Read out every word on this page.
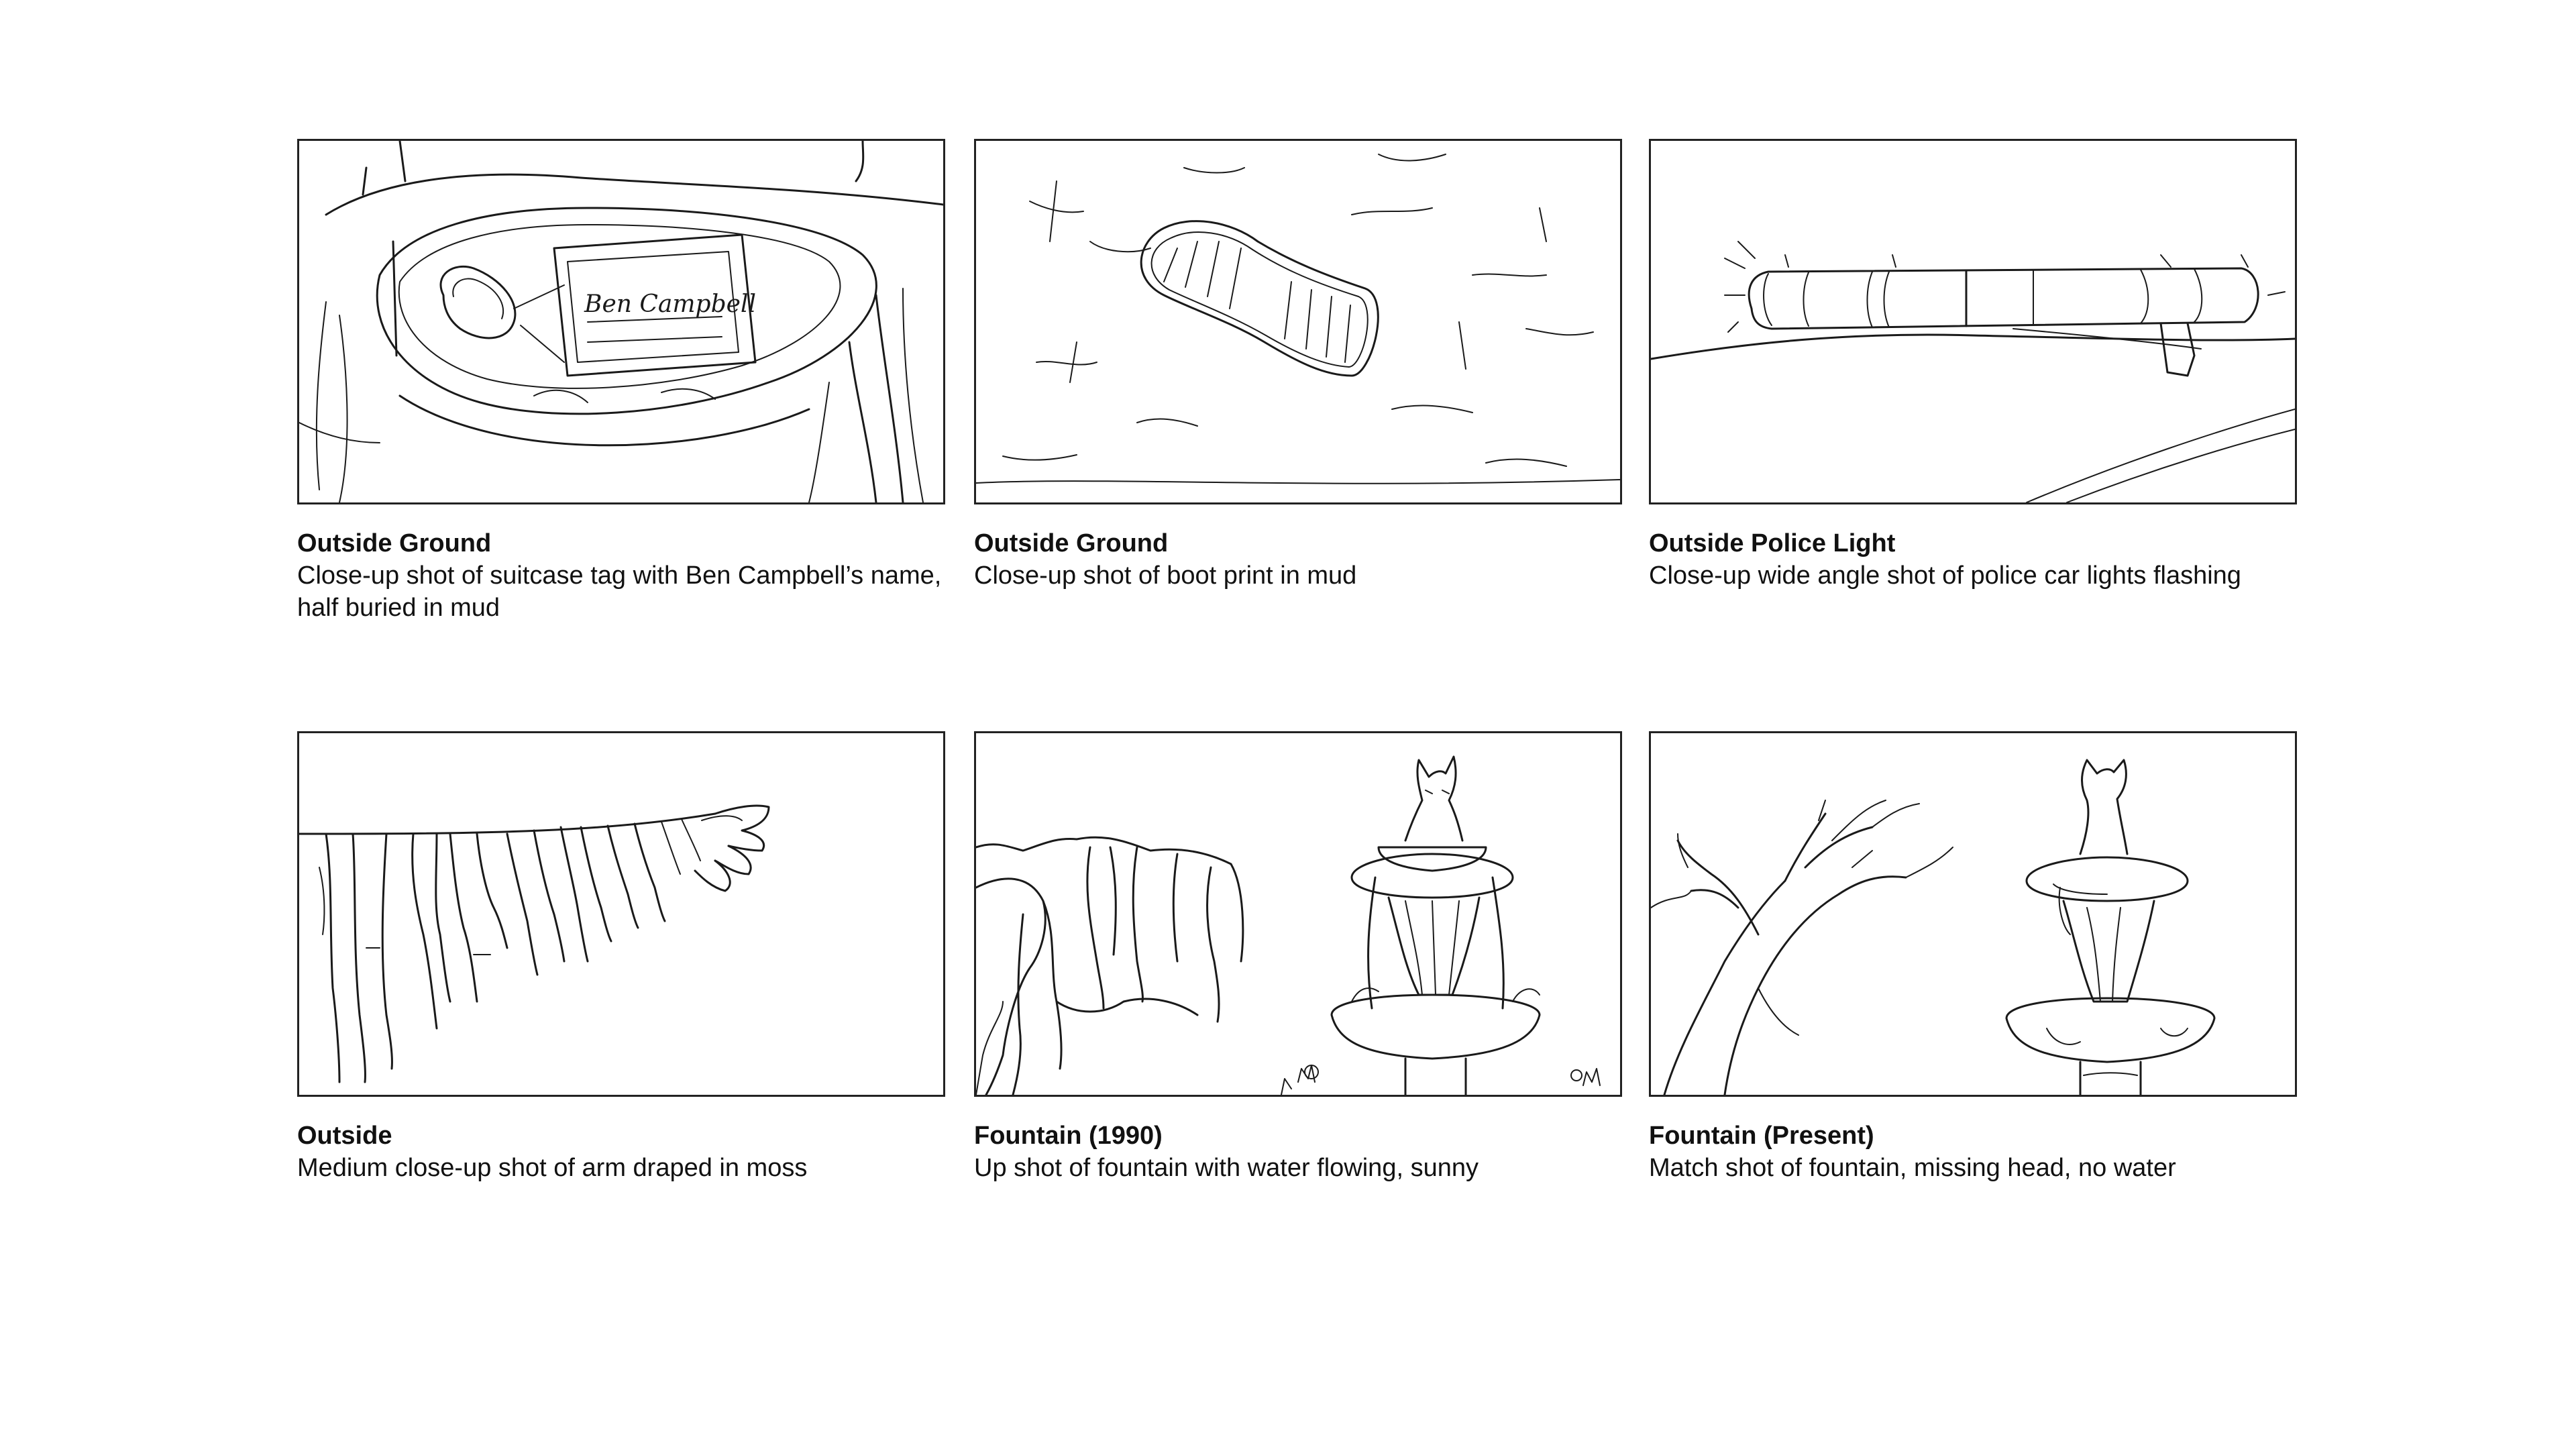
Ben Campbell
Outside Ground
Close-up shot of suitcase tag with Ben Campbell’s name, half buried in mud
Outside Ground
Close-up shot of boot print in mud
Outside Police Light
Close-up wide angle shot of police car lights flashing
Outside
Medium close-up shot of arm draped in moss
Fountain (1990)
Up shot of fountain with water flowing, sunny
Fountain (Present)
Match shot of fountain, missing head, no water
